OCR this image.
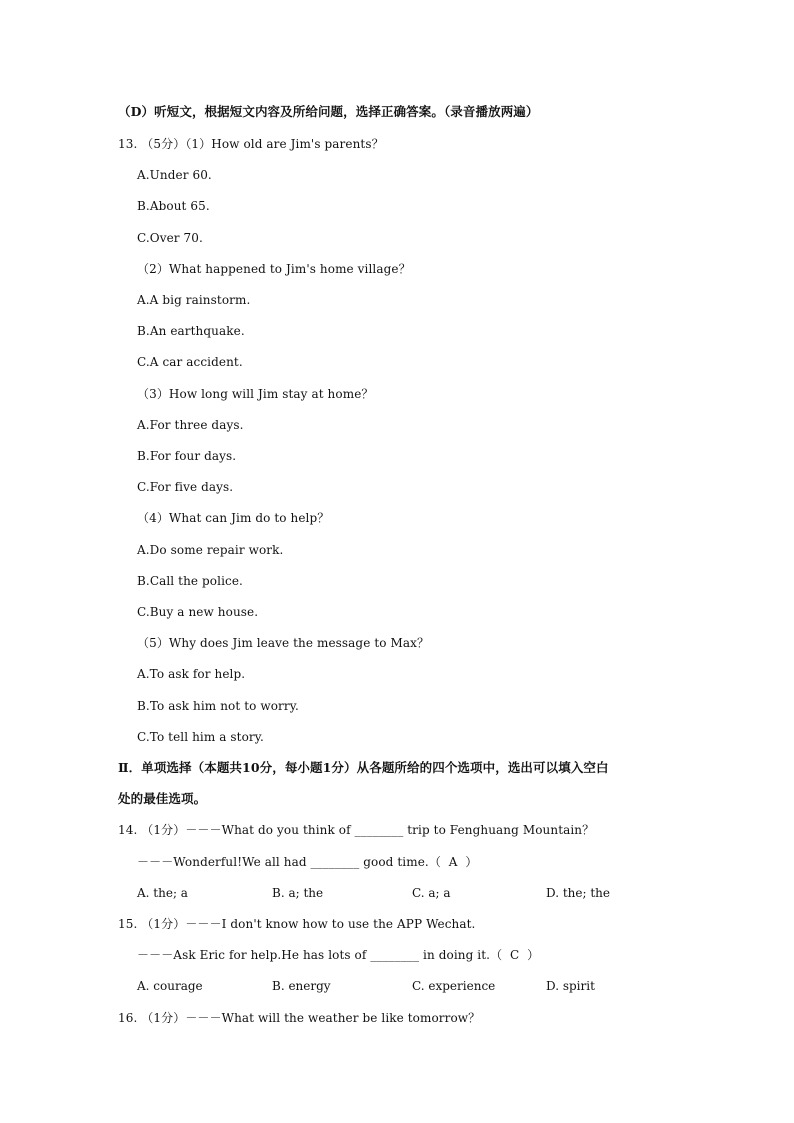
（D）听短文，根据短文内容及所给问题，选择正确答案。（录音播放两遍）
13. （5分）（1）How old are Jim's parents？
A.Under 60.
B.About 65.
C.Over 70.
（2）What happened to Jim's home village？
A.A big rainstorm.
B.An earthquake.
C.A car accident.
（3）How long will Jim stay at home？
A.For three days.
B.For four days.
C.For five days.
（4）What can Jim do to help？
A.Do some repair work.
B.Call the police.
C.Buy a new house.
（5）Why does Jim leave the message to Max？
A.To ask for help.
B.To ask him not to worry.
C.To tell him a story.
Ⅱ．单项选择（本题共10分，每小题1分）从各题所给的四个选项中，选出可以填入空白
处的最佳选项。
14. （1分）－－－What do you think of ________ trip to Fenghuang Mountain？
－－－Wonderful!We all had ________ good time.（  A  ）
A. the; a	B. a; the	C. a; a	D. the; the
15. （1分）－－－I don't know how to use the APP Wechat.
－－－Ask Eric for help.He has lots of ________ in doing it.（  C  ）
A. courage	B. energy	C. experience	D. spirit
16. （1分）－－－What will the weather be like tomorrow？
